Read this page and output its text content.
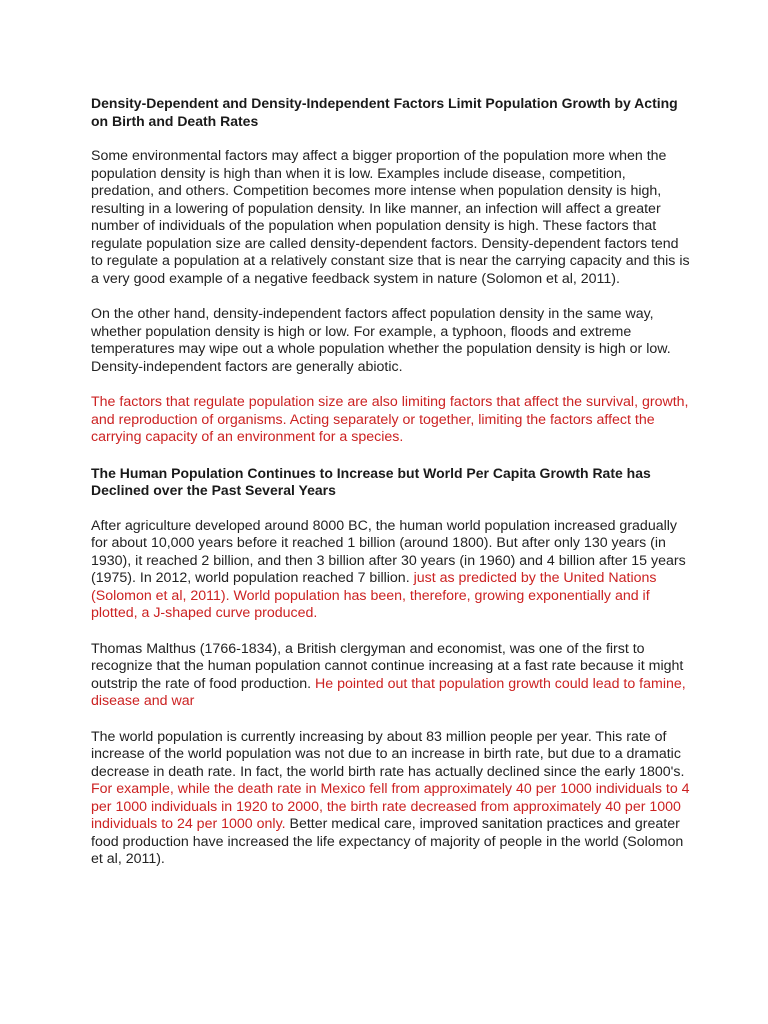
Density-Dependent and Density-Independent Factors Limit Population Growth by Acting on Birth and Death Rates

Some environmental factors may affect a bigger proportion of the population more when the population density is high than when it is low. Examples include disease, competition, predation, and others. Competition becomes more intense when population density is high, resulting in a lowering of population density. In like manner, an infection will affect a greater number of individuals of the population when population density is high. These factors that regulate population size are called density-dependent factors. Density-dependent factors tend to regulate a population at a relatively constant size that is near the carrying capacity and this is a very good example of a negative feedback system in nature (Solomon et al, 2011).

On the other hand, density-independent factors affect population density in the same way, whether population density is high or low. For example, a typhoon, floods and extreme temperatures may wipe out a whole population whether the population density is high or low. Density-independent factors are generally abiotic.

The factors that regulate population size are also limiting factors that affect the survival, growth, and reproduction of organisms. Acting separately or together, limiting the factors affect the carrying capacity of an environment for a species.

The Human Population Continues to Increase but World Per Capita Growth Rate has Declined over the Past Several Years

After agriculture developed around 8000 BC, the human world population increased gradually for about 10,000 years before it reached 1 billion (around 1800). But after only 130 years (in 1930), it reached 2 billion, and then 3 billion after 30 years (in 1960) and 4 billion after 15 years (1975). In 2012, world population reached 7 billion. just as predicted by the United Nations (Solomon et al, 2011). World population has been, therefore, growing exponentially and if plotted, a J-shaped curve produced.

Thomas Malthus (1766-1834), a British clergyman and economist, was one of the first to recognize that the human population cannot continue increasing at a fast rate because it might outstrip the rate of food production. He pointed out that population growth could lead to famine, disease and war

The world population is currently increasing by about 83 million people per year. This rate of increase of the world population was not due to an increase in birth rate, but due to a dramatic decrease in death rate. In fact, the world birth rate has actually declined since the early 1800's. For example, while the death rate in Mexico fell from approximately 40 per 1000 individuals to 4 per 1000 individuals in 1920 to 2000, the birth rate decreased from approximately 40 per 1000 individuals to 24 per 1000 only. Better medical care, improved sanitation practices and greater food production have increased the life expectancy of majority of people in the world (Solomon et al, 2011).
